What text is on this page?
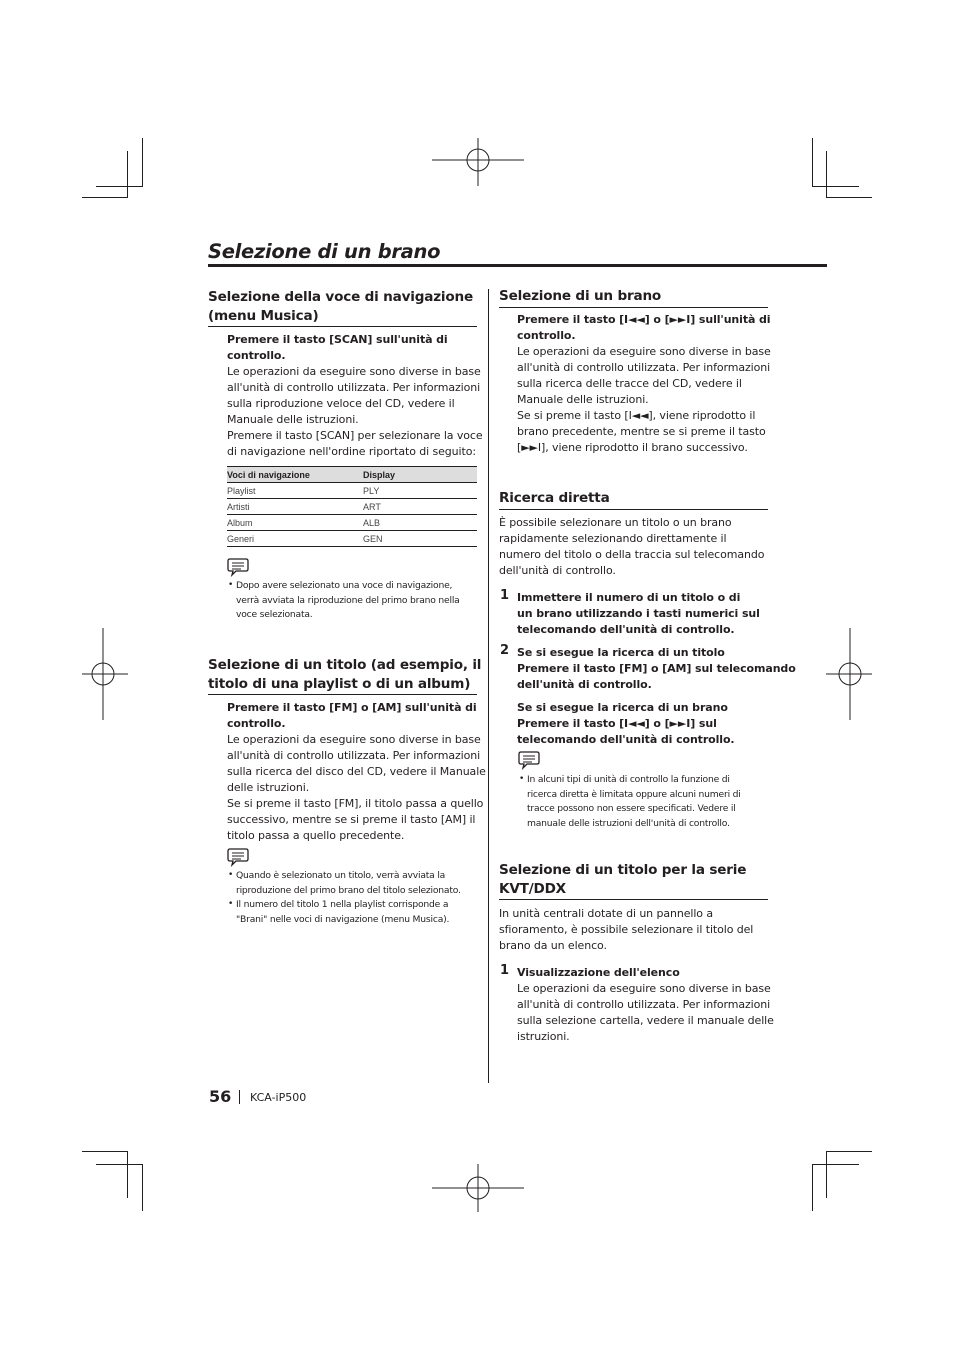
Selezione di un brano
Selezione della voce di navigazione
(menu Musica)
Premere il tasto [SCAN] sull'unità di
controllo.
Le operazioni da eseguire sono diverse in base
all'unità di controllo utilizzata. Per informazioni
sulla riproduzione veloce del CD, vedere il
Manuale delle istruzioni.
Premere il tasto [SCAN] per selezionare la voce
di navigazione nell'ordine riportato di seguito:
Voci di navigazione	Display
Playlist	PLY
Artisti	ART
Album	ALB
Generi	GEN
• Dopo avere selezionato una voce di navigazione,
verrà avviata la riproduzione del primo brano nella
voce selezionata.
Selezione di un titolo (ad esempio, il
titolo di una playlist o di un album)
Premere il tasto [FM] o [AM] sull'unità di
controllo.
Le operazioni da eseguire sono diverse in base
all'unità di controllo utilizzata. Per informazioni
sulla ricerca del disco del CD, vedere il Manuale
delle istruzioni.
Se si preme il tasto [FM], il titolo passa a quello
successivo, mentre se si preme il tasto [AM] il
titolo passa a quello precedente.
• Quando è selezionato un titolo, verrà avviata la
riproduzione del primo brano del titolo selezionato.
• Il numero del titolo 1 nella playlist corrisponde a
"Brani" nelle voci di navigazione (menu Musica).
Selezione di un brano
Premere il tasto [I◄◄] o [►►I] sull'unità di
controllo.
Le operazioni da eseguire sono diverse in base
all'unità di controllo utilizzata. Per informazioni
sulla ricerca delle tracce del CD, vedere il
Manuale delle istruzioni.
Se si preme il tasto [I◄◄], viene riprodotto il
brano precedente, mentre se si preme il tasto
[►►I], viene riprodotto il brano successivo.
Ricerca diretta
È possibile selezionare un titolo o un brano
rapidamente selezionando direttamente il
numero del titolo o della traccia sul telecomando
dell'unità di controllo.
1 Immettere il numero di un titolo o di
un brano utilizzando i tasti numerici sul
telecomando dell'unità di controllo.
2 Se si esegue la ricerca di un titolo
Premere il tasto [FM] o [AM] sul telecomando
dell'unità di controllo.
Se si esegue la ricerca di un brano
Premere il tasto [I◄◄] o [►►I] sul
telecomando dell'unità di controllo.
• In alcuni tipi di unità di controllo la funzione di
ricerca diretta è limitata oppure alcuni numeri di
tracce possono non essere specificati. Vedere il
manuale delle istruzioni dell'unità di controllo.
Selezione di un titolo per la serie
KVT/DDX
In unità centrali dotate di un pannello a
sfioramento, è possibile selezionare il titolo del
brano da un elenco.
1 Visualizzazione dell'elenco
Le operazioni da eseguire sono diverse in base
all'unità di controllo utilizzata. Per informazioni
sulla selezione cartella, vedere il manuale delle
istruzioni.
56 KCA-iP500
